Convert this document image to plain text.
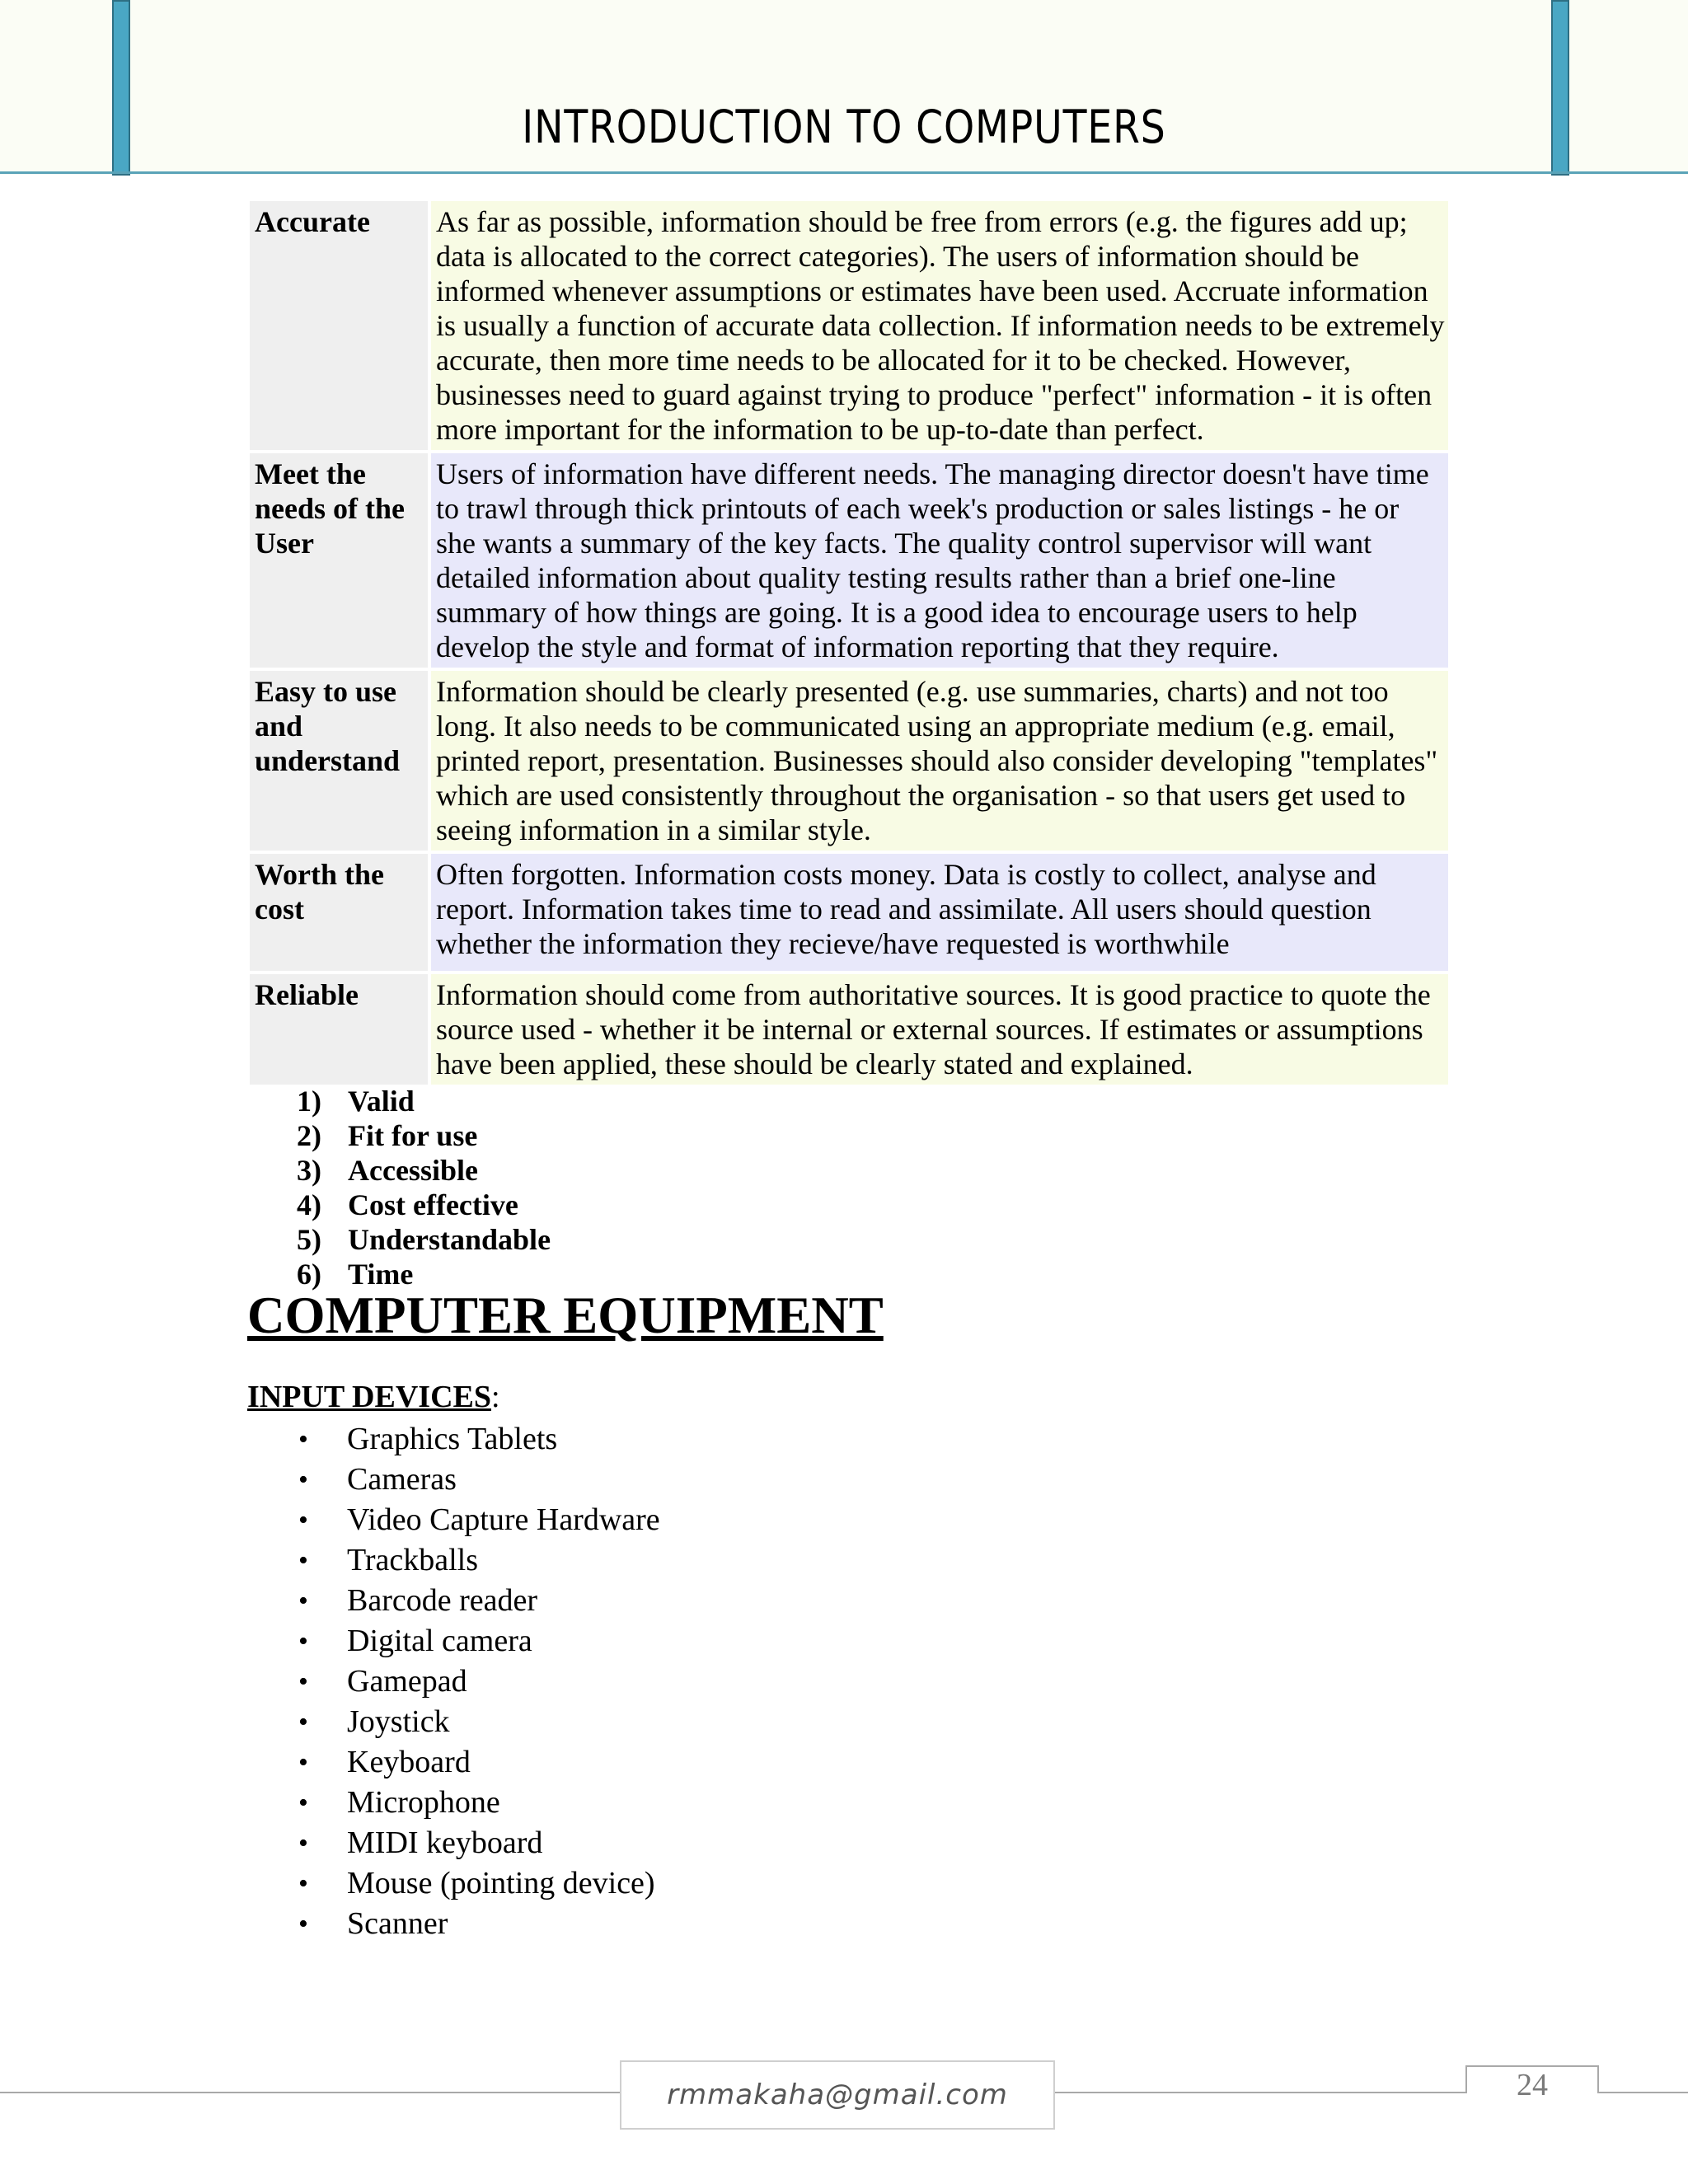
INTRODUCTION TO COMPUTERS
Accurate	As far as possible, information should be free from errors (e.g. the figures add up; data is allocated to the correct categories). The users of information should be informed whenever assumptions or estimates have been used. Accruate information is usually a function of accurate data collection. If information needs to be extremely accurate, then more time needs to be allocated for it to be checked. However, businesses need to guard against trying to produce "perfect" information - it is often more important for the information to be up-to-date than perfect.
Meet the needs of the User	Users of information have different needs. The managing director doesn't have time to trawl through thick printouts of each week's production or sales listings - he or she wants a summary of the key facts. The quality control supervisor will want detailed information about quality testing results rather than a brief one-line summary of how things are going. It is a good idea to encourage users to help develop the style and format of information reporting that they require.
Easy to use and understand	Information should be clearly presented (e.g. use summaries, charts) and not too long. It also needs to be communicated using an appropriate medium (e.g. email, printed report, presentation. Businesses should also consider developing "templates" which are used consistently throughout the organisation - so that users get used to seeing information in a similar style.
Worth the cost	Often forgotten. Information costs money. Data is costly to collect, analyse and report. Information takes time to read and assimilate. All users should question whether the information they recieve/have requested is worthwhile
Reliable	Information should come from authoritative sources. It is good practice to quote the source used - whether it be internal or external sources. If estimates or assumptions have been applied, these should be clearly stated and explained.
1) Valid
2) Fit for use
3) Accessible
4) Cost effective
5) Understandable
6) Time
COMPUTER EQUIPMENT
INPUT DEVICES:
•	Graphics Tablets
•	Cameras
•	Video Capture Hardware
•	Trackballs
•	Barcode reader
•	Digital camera
•	Gamepad
•	Joystick
•	Keyboard
•	Microphone
•	MIDI keyboard
•	Mouse (pointing device)
•	Scanner
rmmakaha@gmail.com	24
